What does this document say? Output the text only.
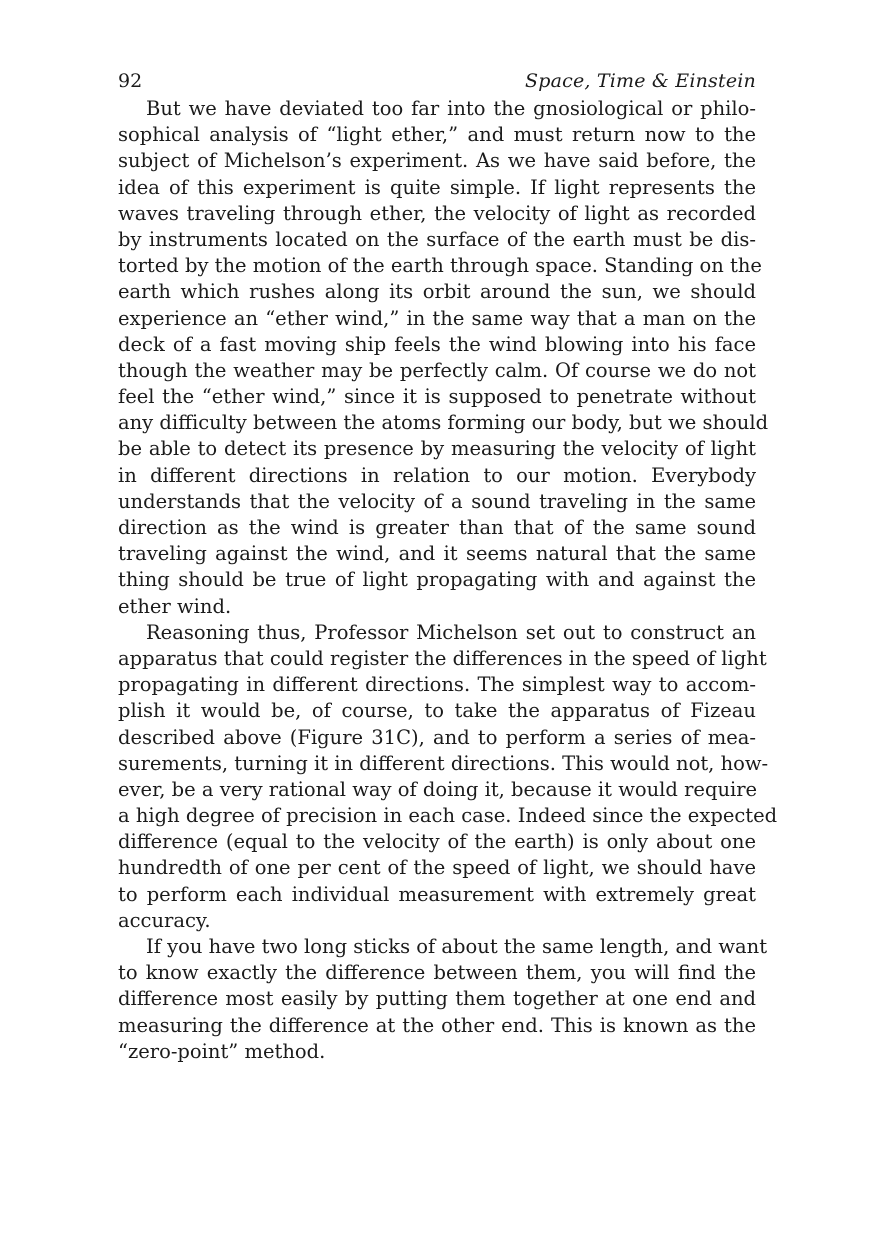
92	Space, Time & Einstein

But we have deviated too far into the gnosiological or philo-
sophical analysis of “light ether,” and must return now to the
subject of Michelson’s experiment. As we have said before, the
idea of this experiment is quite simple. If light represents the
waves traveling through ether, the velocity of light as recorded
by instruments located on the surface of the earth must be dis-
torted by the motion of the earth through space. Standing on the
earth which rushes along its orbit around the sun, we should
experience an “ether wind,” in the same way that a man on the
deck of a fast moving ship feels the wind blowing into his face
though the weather may be perfectly calm. Of course we do not
feel the “ether wind,” since it is supposed to penetrate without
any difficulty between the atoms forming our body, but we should
be able to detect its presence by measuring the velocity of light
in different directions in relation to our motion. Everybody
understands that the velocity of a sound traveling in the same
direction as the wind is greater than that of the same sound
traveling against the wind, and it seems natural that the same
thing should be true of light propagating with and against the
ether wind.

Reasoning thus, Professor Michelson set out to construct an
apparatus that could register the differences in the speed of light
propagating in different directions. The simplest way to accom-
plish it would be, of course, to take the apparatus of Fizeau
described above (Figure 31C), and to perform a series of mea-
surements, turning it in different directions. This would not, how-
ever, be a very rational way of doing it, because it would require
a high degree of precision in each case. Indeed since the expected
difference (equal to the velocity of the earth) is only about one
hundredth of one per cent of the speed of light, we should have
to perform each individual measurement with extremely great
accuracy.

If you have two long sticks of about the same length, and want
to know exactly the difference between them, you will find the
difference most easily by putting them together at one end and
measuring the difference at the other end. This is known as the
“zero-point” method.
